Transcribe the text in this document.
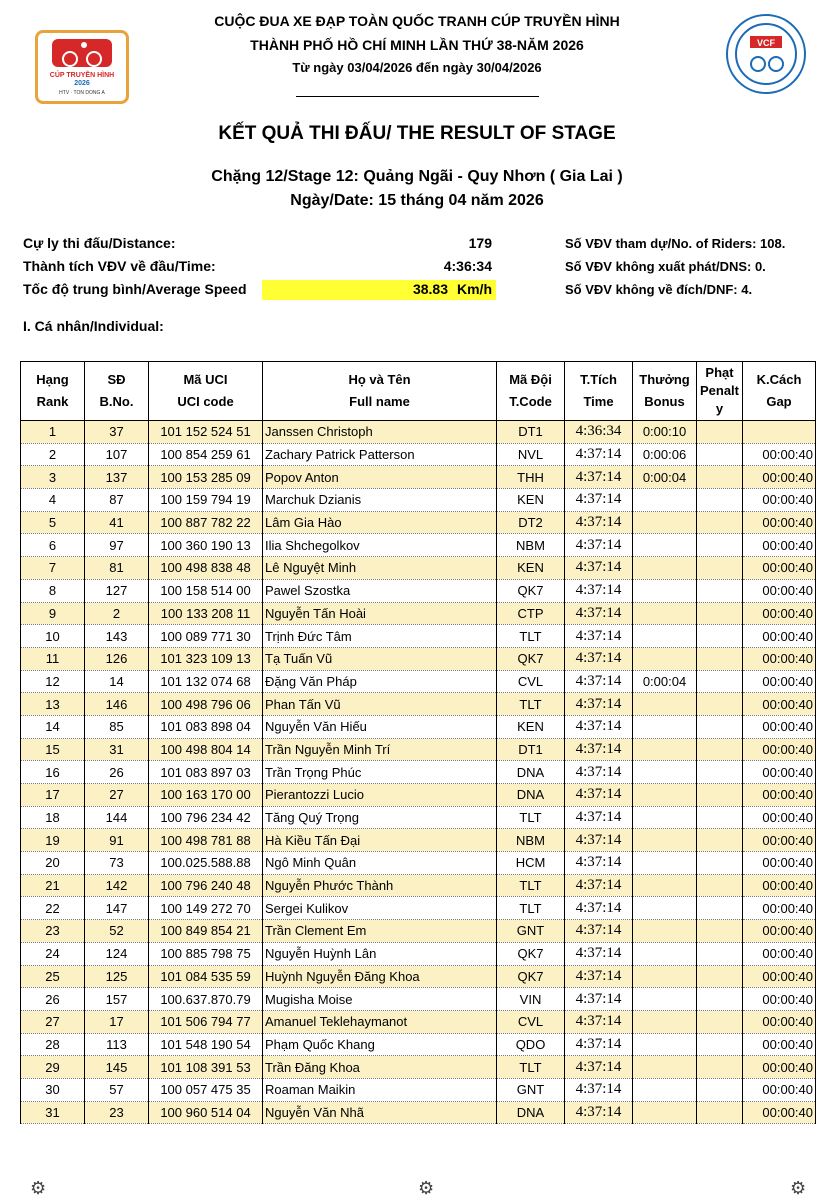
CÚP TRUYỀN HÌNH
2026
HTV · TON DONG A
VCF
CUỘC ĐUA XE ĐẠP TOÀN QUỐC TRANH CÚP TRUYỀN HÌNH
THÀNH PHỐ HỒ CHÍ MINH LẦN THỨ 38-NĂM 2026
Từ ngày 03/04/2026 đến ngày 30/04/2026
KẾT QUẢ THI ĐẤU/ THE RESULT OF STAGE
Chặng 12/Stage 12: Quảng Ngãi - Quy Nhơn ( Gia Lai )
Ngày/Date: 15 tháng 04 năm 2026
Cự ly thi đấu/Distance:	179	Số VĐV tham dự/No. of Riders: 108.
Thành tích VĐV về đầu/Time:	4:36:34	Số VĐV không xuất phát/DNS: 0.
Tốc độ trung bình/Average Speed	38.83 Km/h	Số VĐV không về đích/DNF: 4.
I. Cá nhân/Individual:
Hạng
Rank	SĐ
B.No.	Mã UCI
UCI code	Họ và Tên
Full name	Mã Đội
T.Code	T.Tích
Time	Thưởng
Bonus	Phạt
Penalt
y	K.Cách
Gap
1	37	101 152 524 51	Janssen Christoph	DT1	4:36:34	0:00:10		
2	107	100 854 259 61	Zachary Patrick Patterson	NVL	4:37:14	0:00:06		00:00:40
3	137	100 153 285 09	Popov Anton	THH	4:37:14	0:00:04		00:00:40
4	87	100 159 794 19	Marchuk Dzianis	KEN	4:37:14			00:00:40
5	41	100 887 782 22	Lâm Gia Hào	DT2	4:37:14			00:00:40
6	97	100 360 190 13	Ilia Shchegolkov	NBM	4:37:14			00:00:40
7	81	100 498 838 48	Lê Nguyệt Minh	KEN	4:37:14			00:00:40
8	127	100 158 514 00	Pawel Szostka	QK7	4:37:14			00:00:40
9	2	100 133 208 11	Nguyễn Tấn Hoài	CTP	4:37:14			00:00:40
10	143	100 089 771 30	Trịnh Đức Tâm	TLT	4:37:14			00:00:40
11	126	101 323 109 13	Tạ Tuấn Vũ	QK7	4:37:14			00:00:40
12	14	101 132 074 68	Đặng Văn Pháp	CVL	4:37:14	0:00:04		00:00:40
13	146	100 498 796 06	Phan Tấn Vũ	TLT	4:37:14			00:00:40
14	85	101 083 898 04	Nguyễn Văn Hiếu	KEN	4:37:14			00:00:40
15	31	100 498 804 14	Trần Nguyễn Minh Trí	DT1	4:37:14			00:00:40
16	26	101 083 897 03	Trần Trọng Phúc	DNA	4:37:14			00:00:40
17	27	100 163 170 00	Pierantozzi Lucio	DNA	4:37:14			00:00:40
18	144	100 796 234 42	Tăng Quý Trọng	TLT	4:37:14			00:00:40
19	91	100 498 781 88	Hà Kiều Tấn Đại	NBM	4:37:14			00:00:40
20	73	100.025.588.88	Ngô Minh Quân	HCM	4:37:14			00:00:40
21	142	100 796 240 48	Nguyễn Phước Thành	TLT	4:37:14			00:00:40
22	147	100 149 272 70	Sergei Kulikov	TLT	4:37:14			00:00:40
23	52	100 849 854 21	Trần Clement Em	GNT	4:37:14			00:00:40
24	124	100 885 798 75	Nguyễn Huỳnh Lân	QK7	4:37:14			00:00:40
25	125	101 084 535 59	Huỳnh Nguyễn Đăng Khoa	QK7	4:37:14			00:00:40
26	157	100.637.870.79	Mugisha Moise	VIN	4:37:14			00:00:40
27	17	101 506 794 77	Amanuel Teklehaymanot	CVL	4:37:14			00:00:40
28	113	101 548 190 54	Phạm Quốc Khang	QDO	4:37:14			00:00:40
29	145	101 108 391 53	Trần Đăng Khoa	TLT	4:37:14			00:00:40
30	57	100 057 475 35	Roaman Maikin	GNT	4:37:14			00:00:40
31	23	100 960 514 04	Nguyễn Văn Nhã	DNA	4:37:14			00:00:40
⚙	⚙	⚙
